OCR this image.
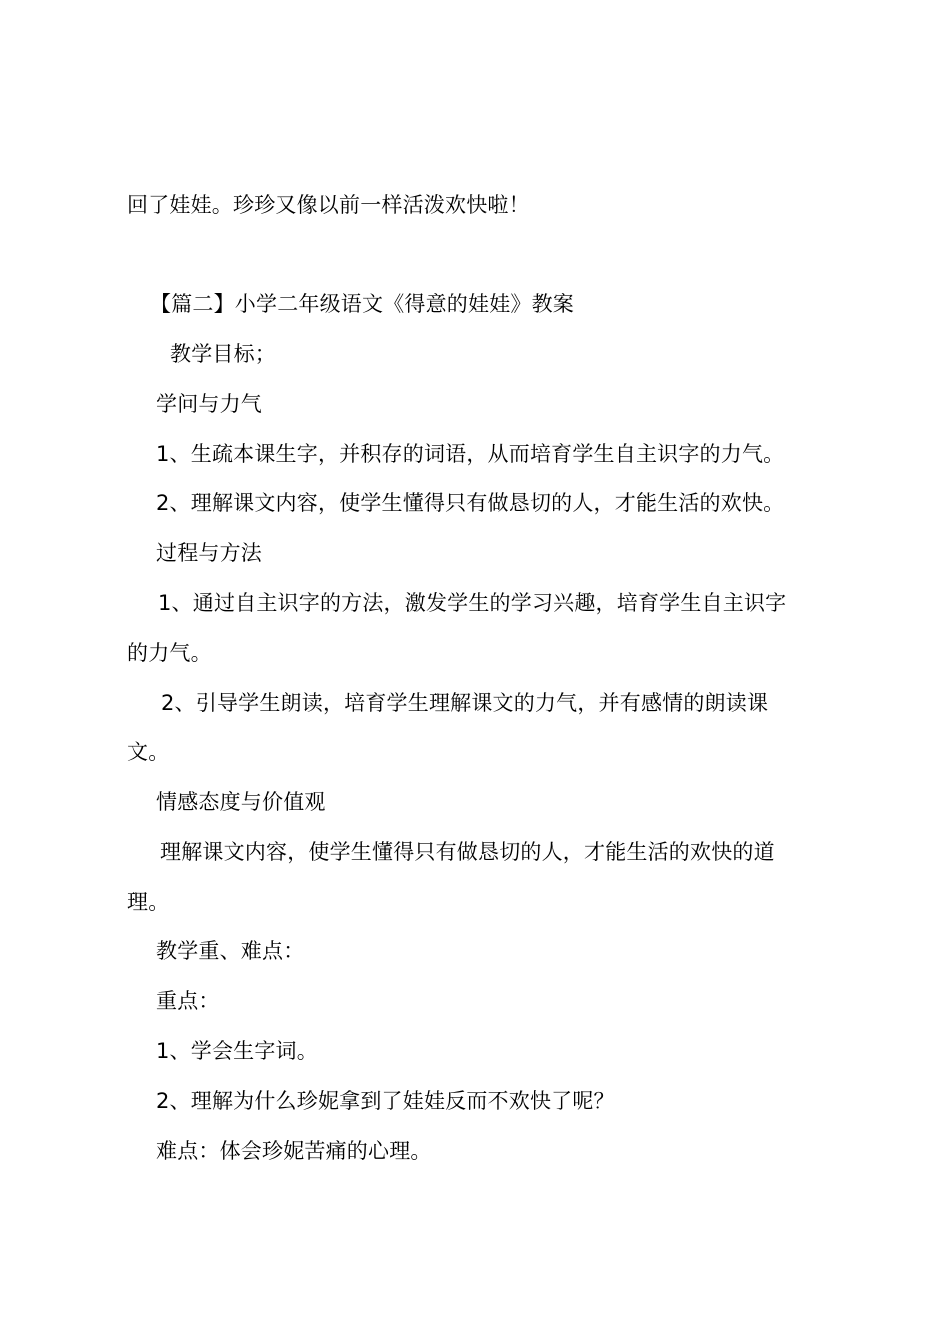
回了娃娃。珍珍又像以前一样活泼欢快啦！
【篇二】小学二年级语文《得意的娃娃》教案
教学目标；
学问与力气
1、生疏本课生字，并积存的词语，从而培育学生自主识字的力气。
2、理解课文内容，使学生懂得只有做恳切的人，才能生活的欢快。
过程与方法
1、通过自主识字的方法，激发学生的学习兴趣，培育学生自主识字
的力气。
2、引导学生朗读，培育学生理解课文的力气，并有感情的朗读课
文。
情感态度与价值观
理解课文内容，使学生懂得只有做恳切的人，才能生活的欢快的道
理。
教学重、难点：
重点：
1、学会生字词。
2、理解为什么珍妮拿到了娃娃反而不欢快了呢？
难点：体会珍妮苦痛的心理。
